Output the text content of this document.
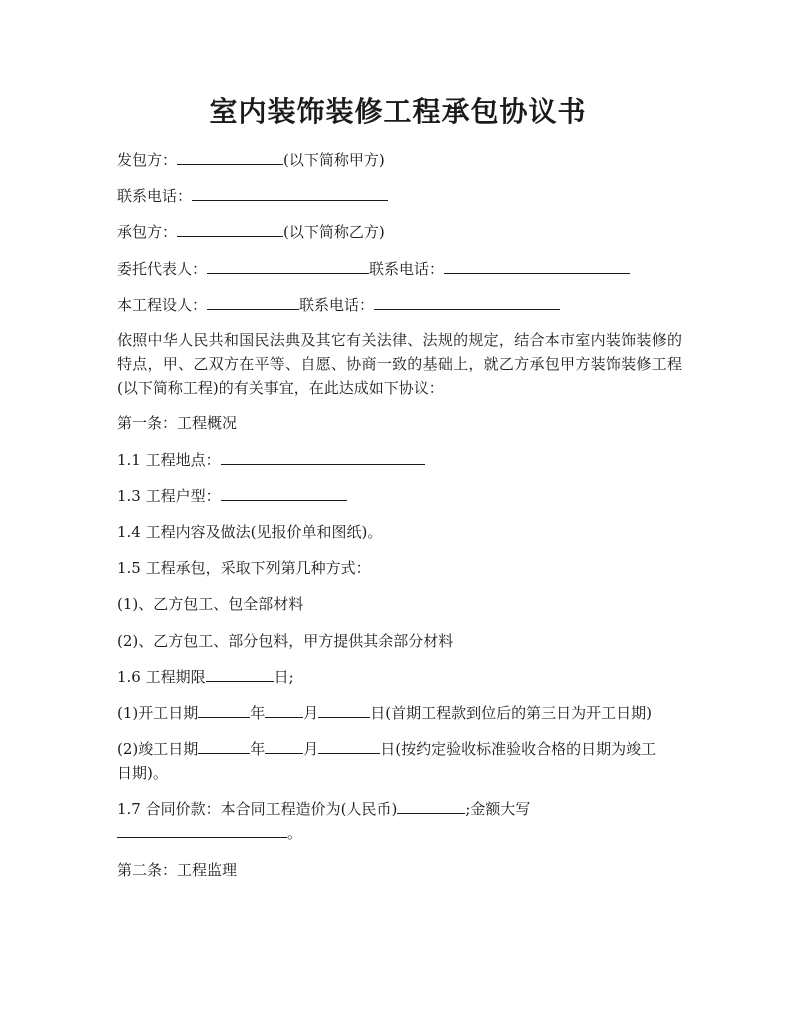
室内装饰装修工程承包协议书
发包方：	(以下简称甲方)
联系电话：
承包方：	(以下简称乙方)
委托代表人：	联系电话：
本工程设人：	联系电话：
依照中华人民共和国民法典及其它有关法律、法规的规定，结合本市室内装饰装修的特点，甲、乙双方在平等、自愿、协商一致的基础上，就乙方承包甲方装饰装修工程(以下简称工程)的有关事宜，在此达成如下协议：
第一条：工程概况
1.1 工程地点：
1.3 工程户型：
1.4 工程内容及做法(见报价单和图纸)。
1.5 工程承包，采取下列第几种方式：
(1)、乙方包工、包全部材料
(2)、乙方包工、部分包料，甲方提供其余部分材料
1.6 工程期限	日;
(1)开工日期	年	月	日(首期工程款到位后的第三日为开工日期)
(2)竣工日期	年	月	日(按约定验收标准验收合格的日期为竣工
日期)。
1.7 合同价款：本合同工程造价为(人民币)	;金额大写
。
第二条：工程监理
